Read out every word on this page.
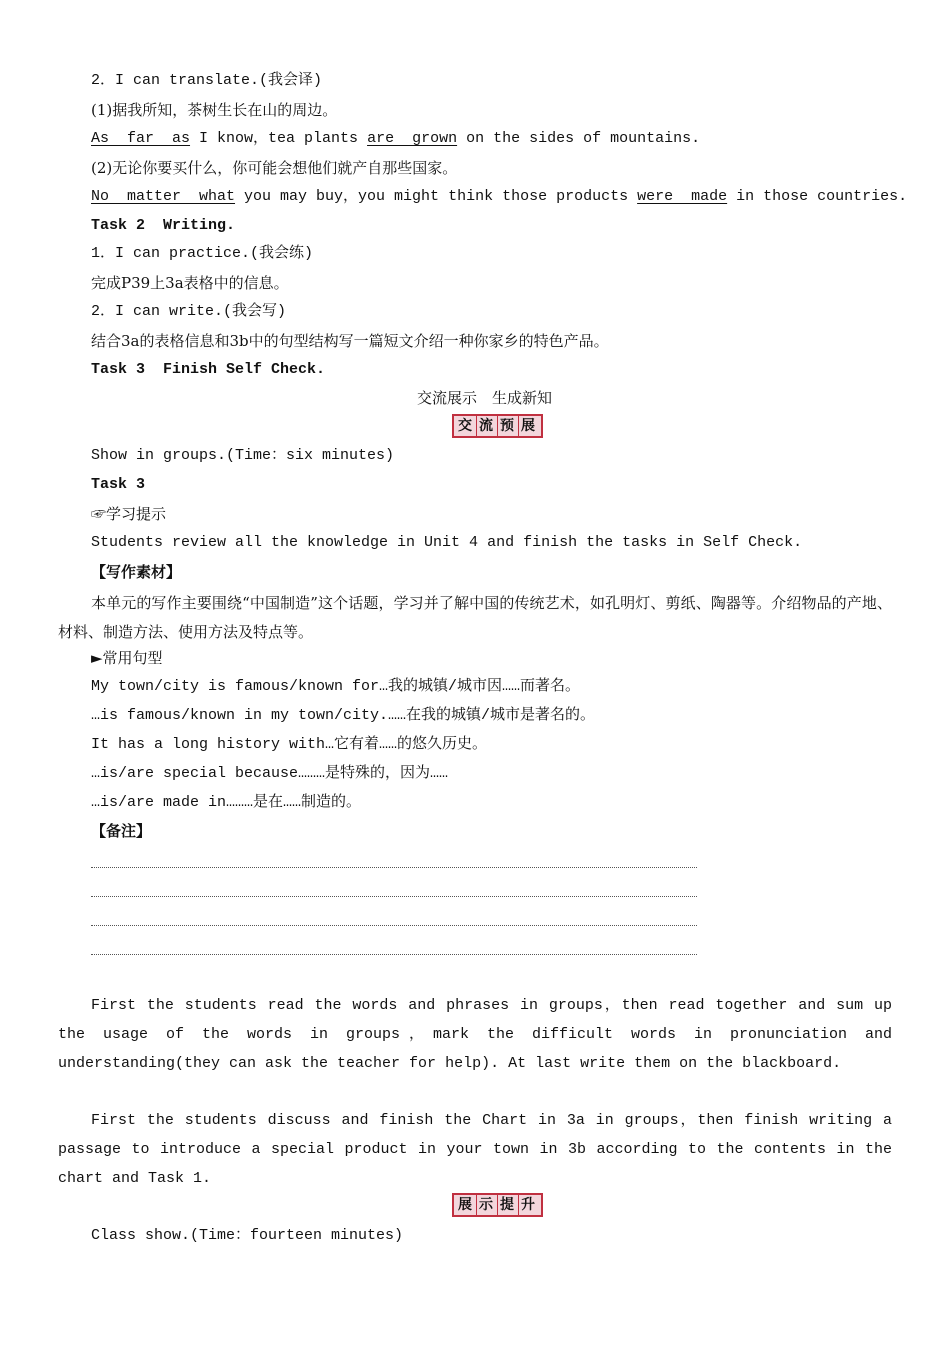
2．I can translate.(我会译)
(1)据我所知，茶树生长在山的周边。
As  far  as I know，tea plants are  grown on the sides of mountains.
(2)无论你要买什么，你可能会想他们就产自那些国家。
No  matter  what you may buy，you might think those products were  made in those countries.
Task 2  Writing.
1．I can practice.(我会练)
完成P39上3a表格中的信息。
2．I can write.(我会写)
结合3a的表格信息和3b中的句型结构写一篇短文介绍一种你家乡的特色产品。
Task 3  Finish Self Check.
交流展示　生成新知
交 流 预 展
Show in groups.(Time：six minutes)
Task 3
☞学习提示
Students review all the knowledge in Unit 4 and finish the tasks in Self Check.
【写作素材】
本单元的写作主要围绕“中国制造”这个话题，学习并了解中国的传统艺术，如孔明灯、剪纸、陶器等。介绍物品的产地、材料、制造方法、使用方法及特点等。
►常用句型
My town/city is famous/known for…我的城镇/城市因……而著名。
…is famous/known in my town/city.……在我的城镇/城市是著名的。
It has a long history with…它有着……的悠久历史。
…is/are special because………是特殊的，因为……
…is/are made in………是在……制造的。
【备注】
First the students read the words and phrases in groups，then read together and sum up the usage of the words in groups，mark the difficult words in pronunciation and understanding(they can ask the teacher for help). At last write them on the blackboard.
First the students discuss and finish the Chart in 3a in groups，then finish writing a passage to introduce a special product in your town in 3b according to the contents in the chart and Task 1.
展 示 提 升
Class show.(Time：fourteen minutes)
